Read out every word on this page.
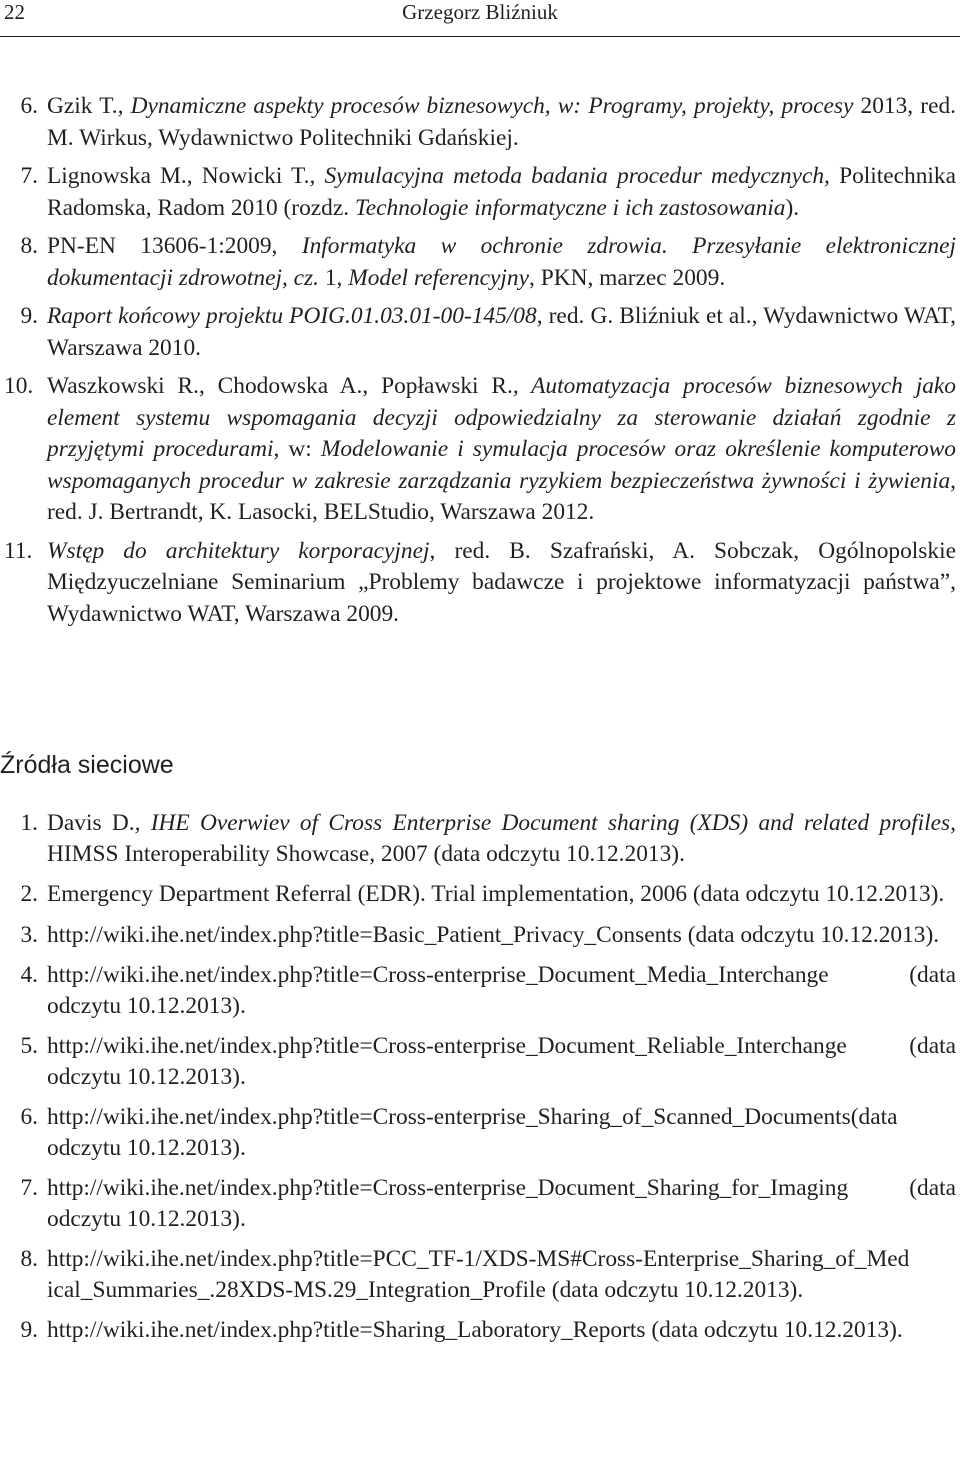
22	Grzegorz Bliźniuk
6. Gzik T., Dynamiczne aspekty procesów biznesowych, w: Programy, projekty, procesy 2013, red. M. Wirkus, Wydawnictwo Politechniki Gdańskiej.
7. Lignowska M., Nowicki T., Symulacyjna metoda badania procedur medycznych, Politechnika Radomska, Radom 2010 (rozdz. Technologie informatyczne i ich zastosowania).
8. PN-EN 13606-1:2009, Informatyka w ochronie zdrowia. Przesyłanie elektronicznej dokumentacji zdrowotnej, cz. 1, Model referencyjny, PKN, marzec 2009.
9. Raport końcowy projektu POIG.01.03.01-00-145/08, red. G. Bliźniuk et al., Wydawnictwo WAT, Warszawa 2010.
10. Waszkowski R., Chodowska A., Popławski R., Automatyzacja procesów biznesowych jako element systemu wspomagania decyzji odpowiedzialny za sterowanie działań zgodnie z przyjętymi procedurami, w: Modelowanie i symulacja procesów oraz określenie komputerowo wspomaganych procedur w zakresie zarządzania ryzykiem bezpieczeństwa żywności i żywienia, red. J. Bertrandt, K. Lasocki, BELStudio, Warszawa 2012.
11. Wstęp do architektury korporacyjnej, red. B. Szafrański, A. Sobczak, Ogólnopolskie Międzyuczelniane Seminarium „Problemy badawcze i projektowe informatyzacji państwa”, Wydawnictwo WAT, Warszawa 2009.
Źródła sieciowe
1. Davis D., IHE Overwiev of Cross Enterprise Document sharing (XDS) and related profiles, HIMSS Interoperability Showcase, 2007 (data odczytu 10.12.2013).
2. Emergency Department Referral (EDR). Trial implementation, 2006 (data odczytu 10.12.2013).
3. http://wiki.ihe.net/index.php?title=Basic_Patient_Privacy_Consents (data odczytu 10.12.2013).
4. http://wiki.ihe.net/index.php?title=Cross-enterprise_Document_Media_Interchange (data odczytu 10.12.2013).
5. http://wiki.ihe.net/index.php?title=Cross-enterprise_Document_Reliable_Interchange (data odczytu 10.12.2013).
6. http://wiki.ihe.net/index.php?title=Cross-enterprise_Sharing_of_Scanned_Documents(data odczytu 10.12.2013).
7. http://wiki.ihe.net/index.php?title=Cross-enterprise_Document_Sharing_for_Imaging (data odczytu 10.12.2013).
8. http://wiki.ihe.net/index.php?title=PCC_TF-1/XDS-MS#Cross-Enterprise_Sharing_of_Med ical_Summaries_.28XDS-MS.29_Integration_Profile (data odczytu 10.12.2013).
9. http://wiki.ihe.net/index.php?title=Sharing_Laboratory_Reports (data odczytu 10.12.2013).
